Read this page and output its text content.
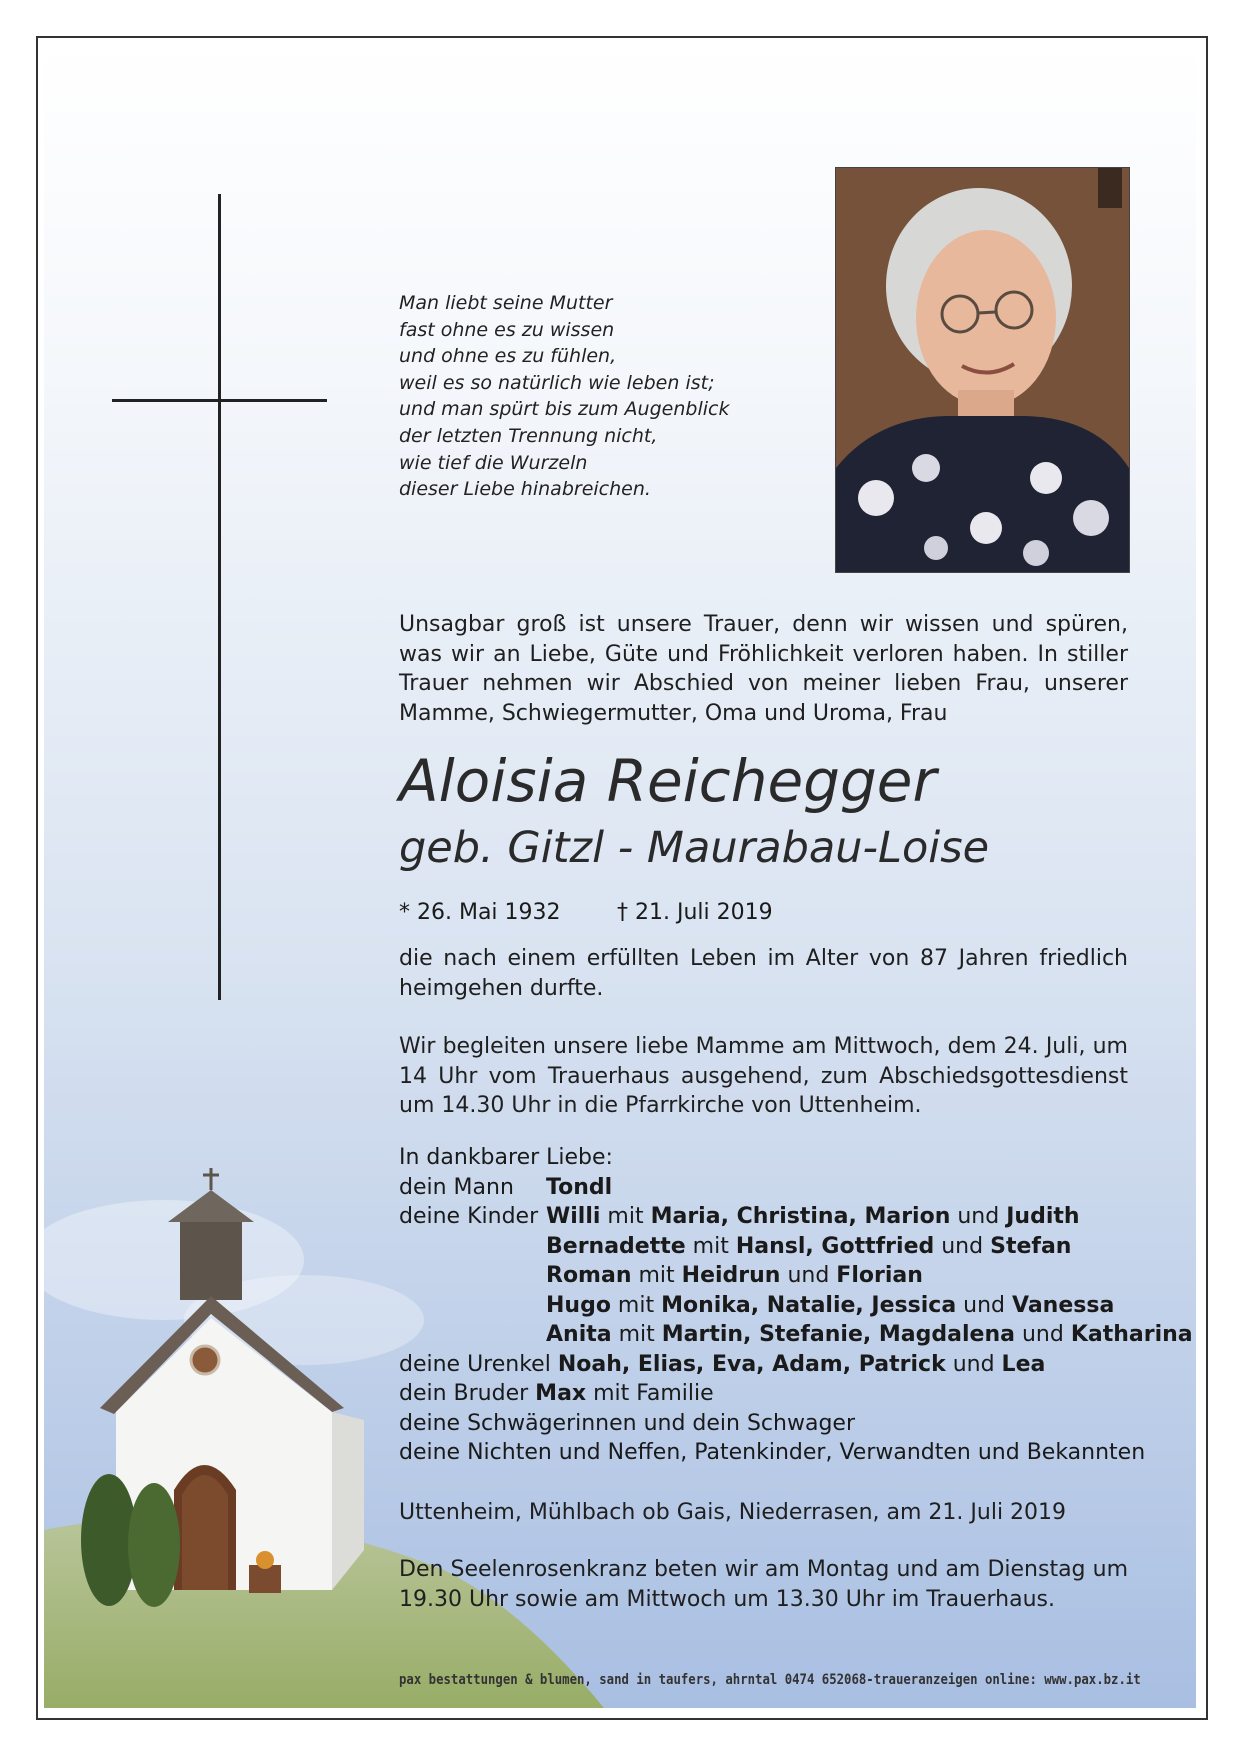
Man liebt seine Mutter
fast ohne es zu wissen
und ohne es zu fühlen,
weil es so natürlich wie leben ist;
und man spürt bis zum Augenblick
der letzten Trennung nicht,
wie tief die Wurzeln
dieser Liebe hinabreichen.
Unsagbar groß ist unsere Trauer, denn wir wissen und spüren, was wir an Liebe, Güte und Fröhlichkeit verloren haben. In stiller Trauer nehmen wir Abschied von meiner lieben Frau, unserer Mamme, Schwiegermutter, Oma und Uroma, Frau
Aloisia Reichegger
geb. Gitzl - Maurabau-Loise
* 26. Mai 1932	† 21. Juli 2019
die nach einem erfüllten Leben im Alter von 87 Jahren friedlich heimgehen durfte.
Wir begleiten unsere liebe Mamme am Mittwoch, dem 24. Juli, um 14 Uhr vom Trauerhaus ausgehend, zum Abschiedsgottesdienst um 14.30 Uhr in die Pfarrkirche von Uttenheim.
In dankbarer Liebe:
dein Mann Tondl
deine Kinder Willi mit Maria, Christina, Marion und Judith
Bernadette mit Hansl, Gottfried und Stefan
Roman mit Heidrun und Florian
Hugo mit Monika, Natalie, Jessica und Vanessa
Anita mit Martin, Stefanie, Magdalena und Katharina
deine Urenkel Noah, Elias, Eva, Adam, Patrick und Lea
dein Bruder Max mit Familie
deine Schwägerinnen und dein Schwager
deine Nichten und Neffen, Patenkinder, Verwandten und Bekannten
Uttenheim, Mühlbach ob Gais, Niederrasen, am 21. Juli 2019
Den Seelenrosenkranz beten wir am Montag und am Dienstag um 19.30 Uhr sowie am Mittwoch um 13.30 Uhr im Trauerhaus.
pax bestattungen & blumen, sand in taufers, ahrntal 0474 652068-traueranzeigen online: www.pax.bz.it
